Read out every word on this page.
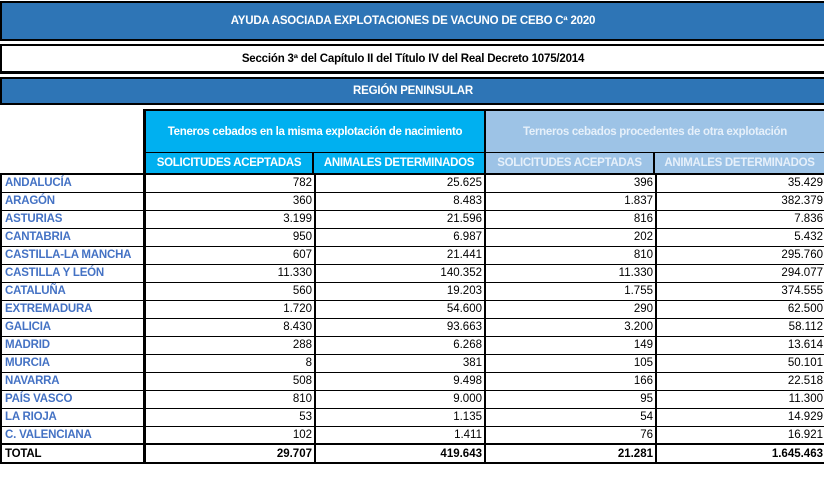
AYUDA ASOCIADA EXPLOTACIONES DE VACUNO DE CEBO Cª 2020
Sección 3ª del Capítulo II del Título IV del Real Decreto 1075/2014
REGIÓN PENINSULAR
Teneros cebados en la misma explotación de nacimiento	Terneros cebados procedentes de otra explotación
SOLICITUDES ACEPTADAS	ANIMALES DETERMINADOS	SOLICITUDES ACEPTADAS	ANIMALES DETERMINADOS
ANDALUCÍA	782	25.625	396	35.429
ARAGÓN	360	8.483	1.837	382.379
ASTURIAS	3.199	21.596	816	7.836
CANTABRIA	950	6.987	202	5.432
CASTILLA-LA MANCHA	607	21.441	810	295.760
CASTILLA Y LEÓN	11.330	140.352	11.330	294.077
CATALUÑA	560	19.203	1.755	374.555
EXTREMADURA	1.720	54.600	290	62.500
GALICIA	8.430	93.663	3.200	58.112
MADRID	288	6.268	149	13.614
MURCIA	8	381	105	50.101
NAVARRA	508	9.498	166	22.518
PAÍS VASCO	810	9.000	95	11.300
LA RIOJA	53	1.135	54	14.929
C. VALENCIANA	102	1.411	76	16.921
TOTAL	29.707	419.643	21.281	1.645.463
